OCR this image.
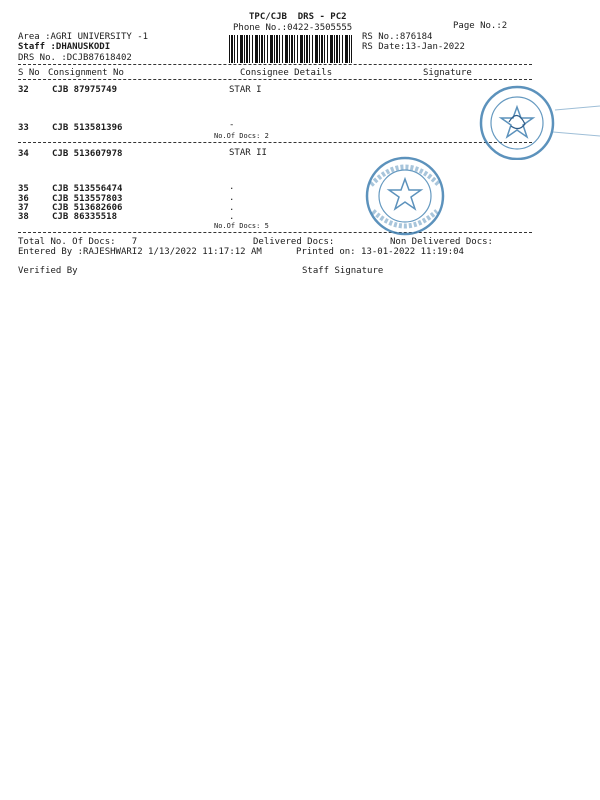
TPC/CJB  DRS - PC2
Phone No.:0422-3505555	Page No.:2
Area :AGRI UNIVERSITY -1
Staff :DHANUSKODI
DRS No. :DCJB87618402
RS No.:876184
RS Date:13-Jan-2022
S No Consignment No	Consignee Details	Signature
32	CJB 87975749	STAR I
33	CJB 513581396	-
No.Of Docs: 2
34	CJB 513607978	STAR II
35	CJB 513556474	.
36	CJB 513557803	.
37	CJB 513682606	.
38	CJB 86335518	.
No.Of Docs: 5
Total No. Of Docs:   7	Delivered Docs:	Non Delivered Docs:
Entered By :RAJESHWARI2 1/13/2022 11:17:12 AM	Printed on: 13-01-2022 11:19:04
Verified By	Staff Signature
